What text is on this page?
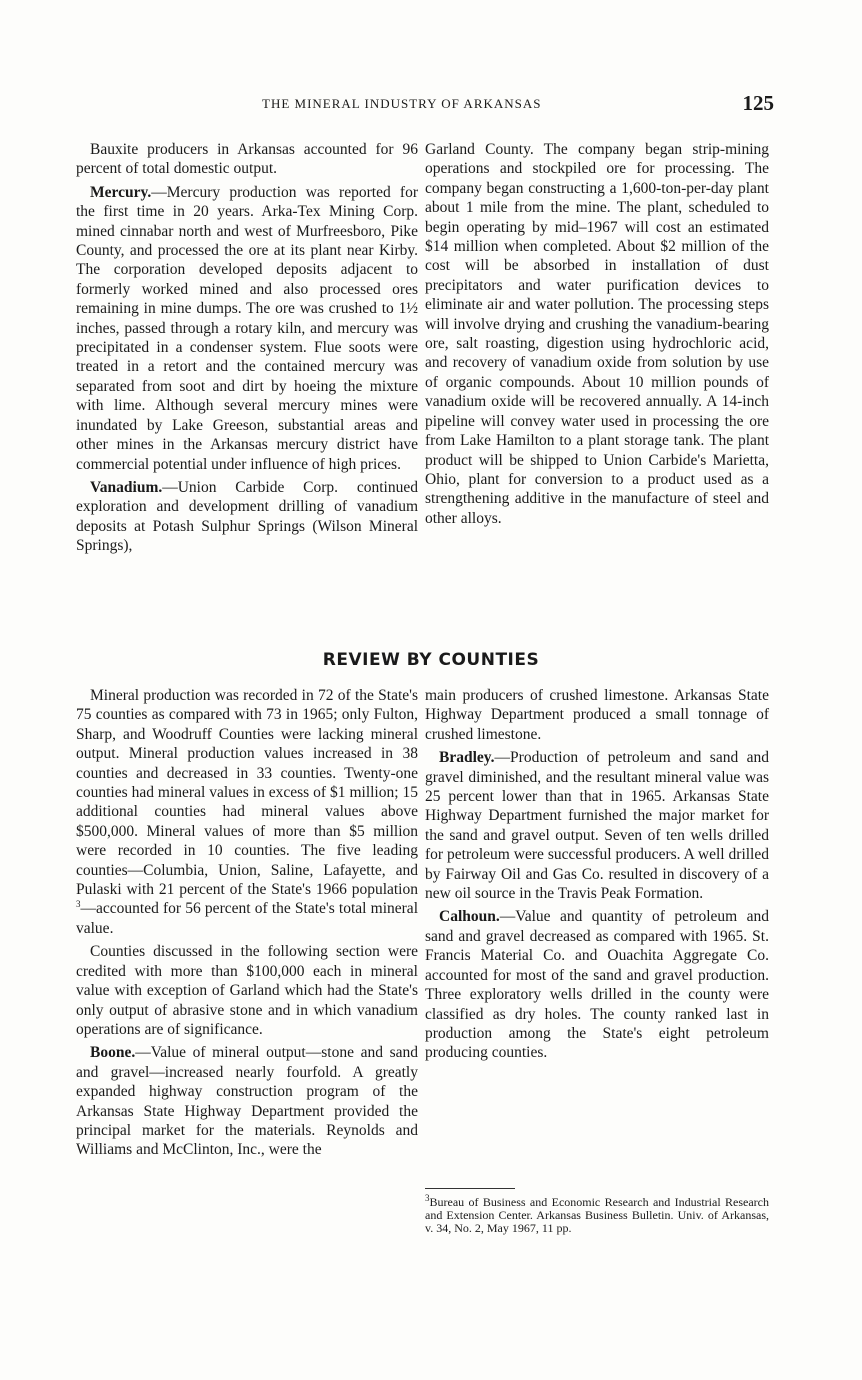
THE MINERAL INDUSTRY OF ARKANSAS	125

Bauxite producers in Arkansas accounted for 96 percent of total domestic output.

Mercury.—Mercury production was reported for the first time in 20 years. Arka-Tex Mining Corp. mined cinnabar north and west of Murfreesboro, Pike County, and processed the ore at its plant near Kirby. The corporation developed deposits adjacent to formerly worked mined and also processed ores remaining in mine dumps. The ore was crushed to 1½ inches, passed through a rotary kiln, and mercury was precipitated in a condenser system. Flue soots were treated in a retort and the contained mercury was separated from soot and dirt by hoeing the mixture with lime. Although several mercury mines were inundated by Lake Greeson, substantial areas and other mines in the Arkansas mercury district have commercial potential under influence of high prices.

Vanadium.—Union Carbide Corp. continued exploration and development drilling of vanadium deposits at Potash Sulphur Springs (Wilson Mineral Springs),

Garland County. The company began strip-mining operations and stockpiled ore for processing. The company began constructing a 1,600-ton-per-day plant about 1 mile from the mine. The plant, scheduled to begin operating by mid–1967 will cost an estimated $14 million when completed. About $2 million of the cost will be absorbed in installation of dust precipitators and water purification devices to eliminate air and water pollution. The processing steps will involve drying and crushing the vanadium-bearing ore, salt roasting, digestion using hydrochloric acid, and recovery of vanadium oxide from solution by use of organic compounds. About 10 million pounds of vanadium oxide will be recovered annually. A 14-inch pipeline will convey water used in processing the ore from Lake Hamilton to a plant storage tank. The plant product will be shipped to Union Carbide's Marietta, Ohio, plant for conversion to a product used as a strengthening additive in the manufacture of steel and other alloys.

REVIEW BY COUNTIES

Mineral production was recorded in 72 of the State's 75 counties as compared with 73 in 1965; only Fulton, Sharp, and Woodruff Counties were lacking mineral output. Mineral production values increased in 38 counties and decreased in 33 counties. Twenty-one counties had mineral values in excess of $1 million; 15 additional counties had mineral values above $500,000. Mineral values of more than $5 million were recorded in 10 counties. The five leading counties—Columbia, Union, Saline, Lafayette, and Pulaski with 21 percent of the State's 1966 population $^3$—accounted for 56 percent of the State's total mineral value.

Counties discussed in the following section were credited with more than $100,000 each in mineral value with exception of Garland which had the State's only output of abrasive stone and in which vanadium operations are of significance.

Boone.—Value of mineral output—stone and sand and gravel—increased nearly fourfold. A greatly expanded highway construction program of the Arkansas State Highway Department provided the principal market for the materials. Reynolds and Williams and McClinton, Inc., were the

main producers of crushed limestone. Arkansas State Highway Department produced a small tonnage of crushed limestone.

Bradley.—Production of petroleum and sand and gravel diminished, and the resultant mineral value was 25 percent lower than that in 1965. Arkansas State Highway Department furnished the major market for the sand and gravel output. Seven of ten wells drilled for petroleum were successful producers. A well drilled by Fairway Oil and Gas Co. resulted in discovery of a new oil source in the Travis Peak Formation.

Calhoun.—Value and quantity of petroleum and sand and gravel decreased as compared with 1965. St. Francis Material Co. and Ouachita Aggregate Co. accounted for most of the sand and gravel production. Three exploratory wells drilled in the county were classified as dry holes. The county ranked last in production among the State's eight petroleum producing counties.

$^3$Bureau of Business and Economic Research and Industrial Research and Extension Center. Arkansas Business Bulletin. Univ. of Arkansas, v. 34, No. 2, May 1967, 11 pp.
